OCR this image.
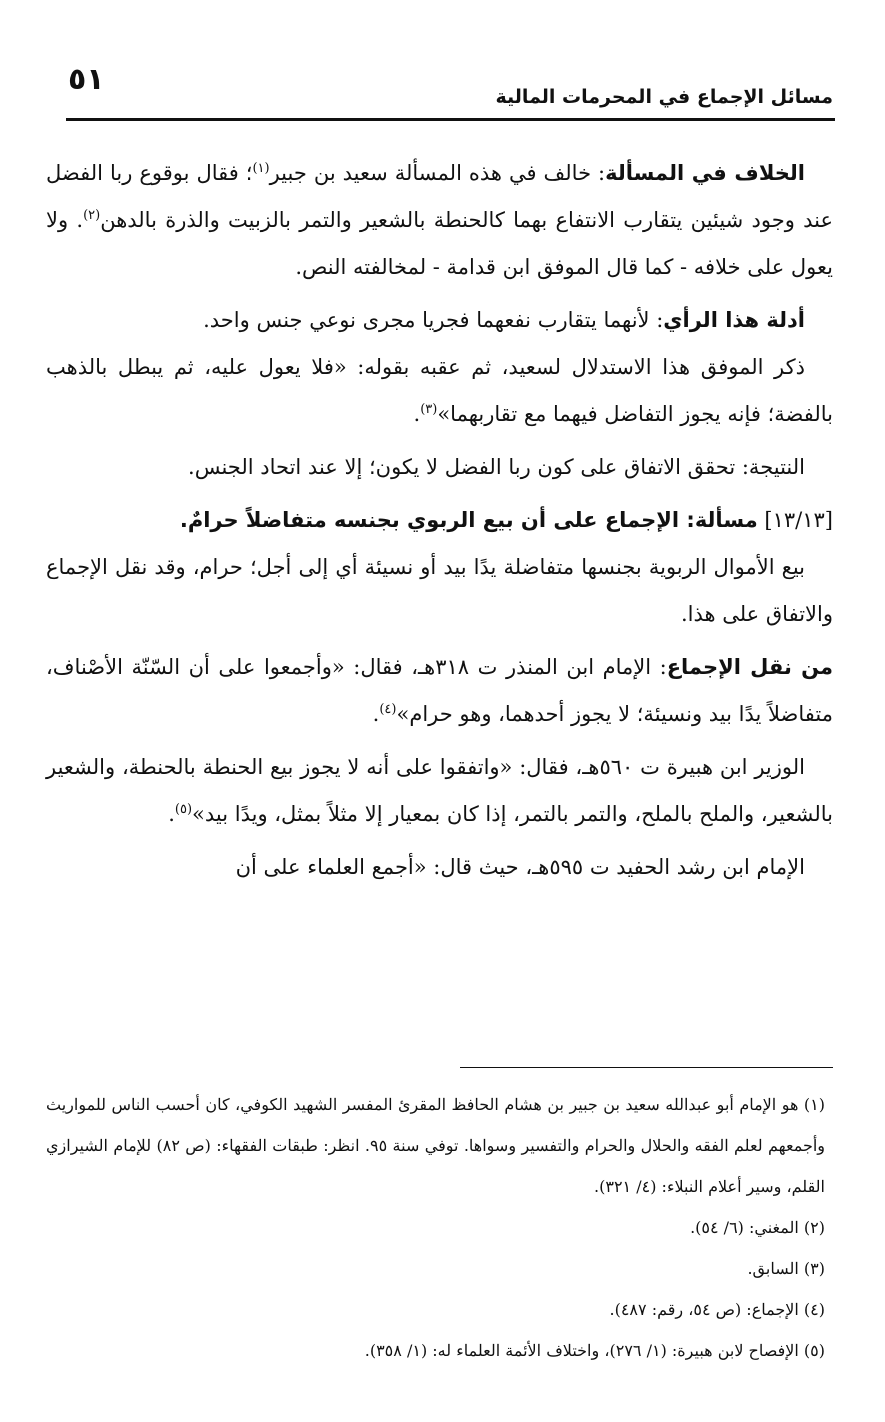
٥١	مسائل الإجماع في المحرمات المالية

الخلاف في المسألة: خالف في هذه المسألة سعيد بن جبير$^{(١)}$؛ فقال بوقوع ربا الفضل عند وجود شيئين يتقارب الانتفاع بهما كالحنطة بالشعير والتمر بالزبيت والذرة بالدهن$^{(٢)}$. ولا يعول على خلافه - كما قال الموفق ابن قدامة - لمخالفته النص.

أدلة هذا الرأي: لأنهما يتقارب نفعهما فجريا مجرى نوعي جنس واحد.

ذكر الموفق هذا الاستدلال لسعيد، ثم عقبه بقوله: «فلا يعول عليه، ثم يبطل بالذهب بالفضة؛ فإنه يجوز التفاضل فيهما مع تقاربهما»$^{(٣)}$.

النتيجة: تحقق الاتفاق على كون ربا الفضل لا يكون؛ إلا عند اتحاد الجنس.

[١٣/١٣] مسألة: الإجماع على أن بيع الربوي بجنسه متفاضلاً حرامٌ.

بيع الأموال الربوية بجنسها متفاضلة يدًا بيد أو نسيئة أي إلى أجل؛ حرام، وقد نقل الإجماع والاتفاق على هذا.

من نقل الإجماع: الإمام ابن المنذر ت ٣١٨هـ، فقال: «وأجمعوا على أن السّنّة الأصْناف، متفاضلاً يدًا بيد ونسيئة؛ لا يجوز أحدهما، وهو حرام»$^{(٤)}$.

الوزير ابن هبيرة ت ٥٦٠هـ، فقال: «واتفقوا على أنه لا يجوز بيع الحنطة بالحنطة، والشعير بالشعير، والملح بالملح، والتمر بالتمر، إذا كان بمعيار إلا مثلاً بمثل، ويدًا بيد»$^{(٥)}$.

الإمام ابن رشد الحفيد ت ٥٩٥هـ، حيث قال: «أجمع العلماء على أن

(١) هو الإمام أبو عبدالله سعيد بن جبير بن هشام الحافظ المقرئ المفسر الشهيد الكوفي، كان أحسب الناس للمواريث وأجمعهم لعلم الفقه والحلال والحرام والتفسير وسواها. توفي سنة ٩٥. انظر: طبقات الفقهاء: (ص ٨٢) للإمام الشيرازي القلم، وسير أعلام النبلاء: (٤/ ٣٢١).

(٢) المغني: (٦/ ٥٤).

(٣) السابق.

(٤) الإجماع: (ص ٥٤، رقم: ٤٨٧).

(٥) الإفصاح لابن هبيرة: (١/ ٢٧٦)، واختلاف الأئمة العلماء له: (١/ ٣٥٨).
